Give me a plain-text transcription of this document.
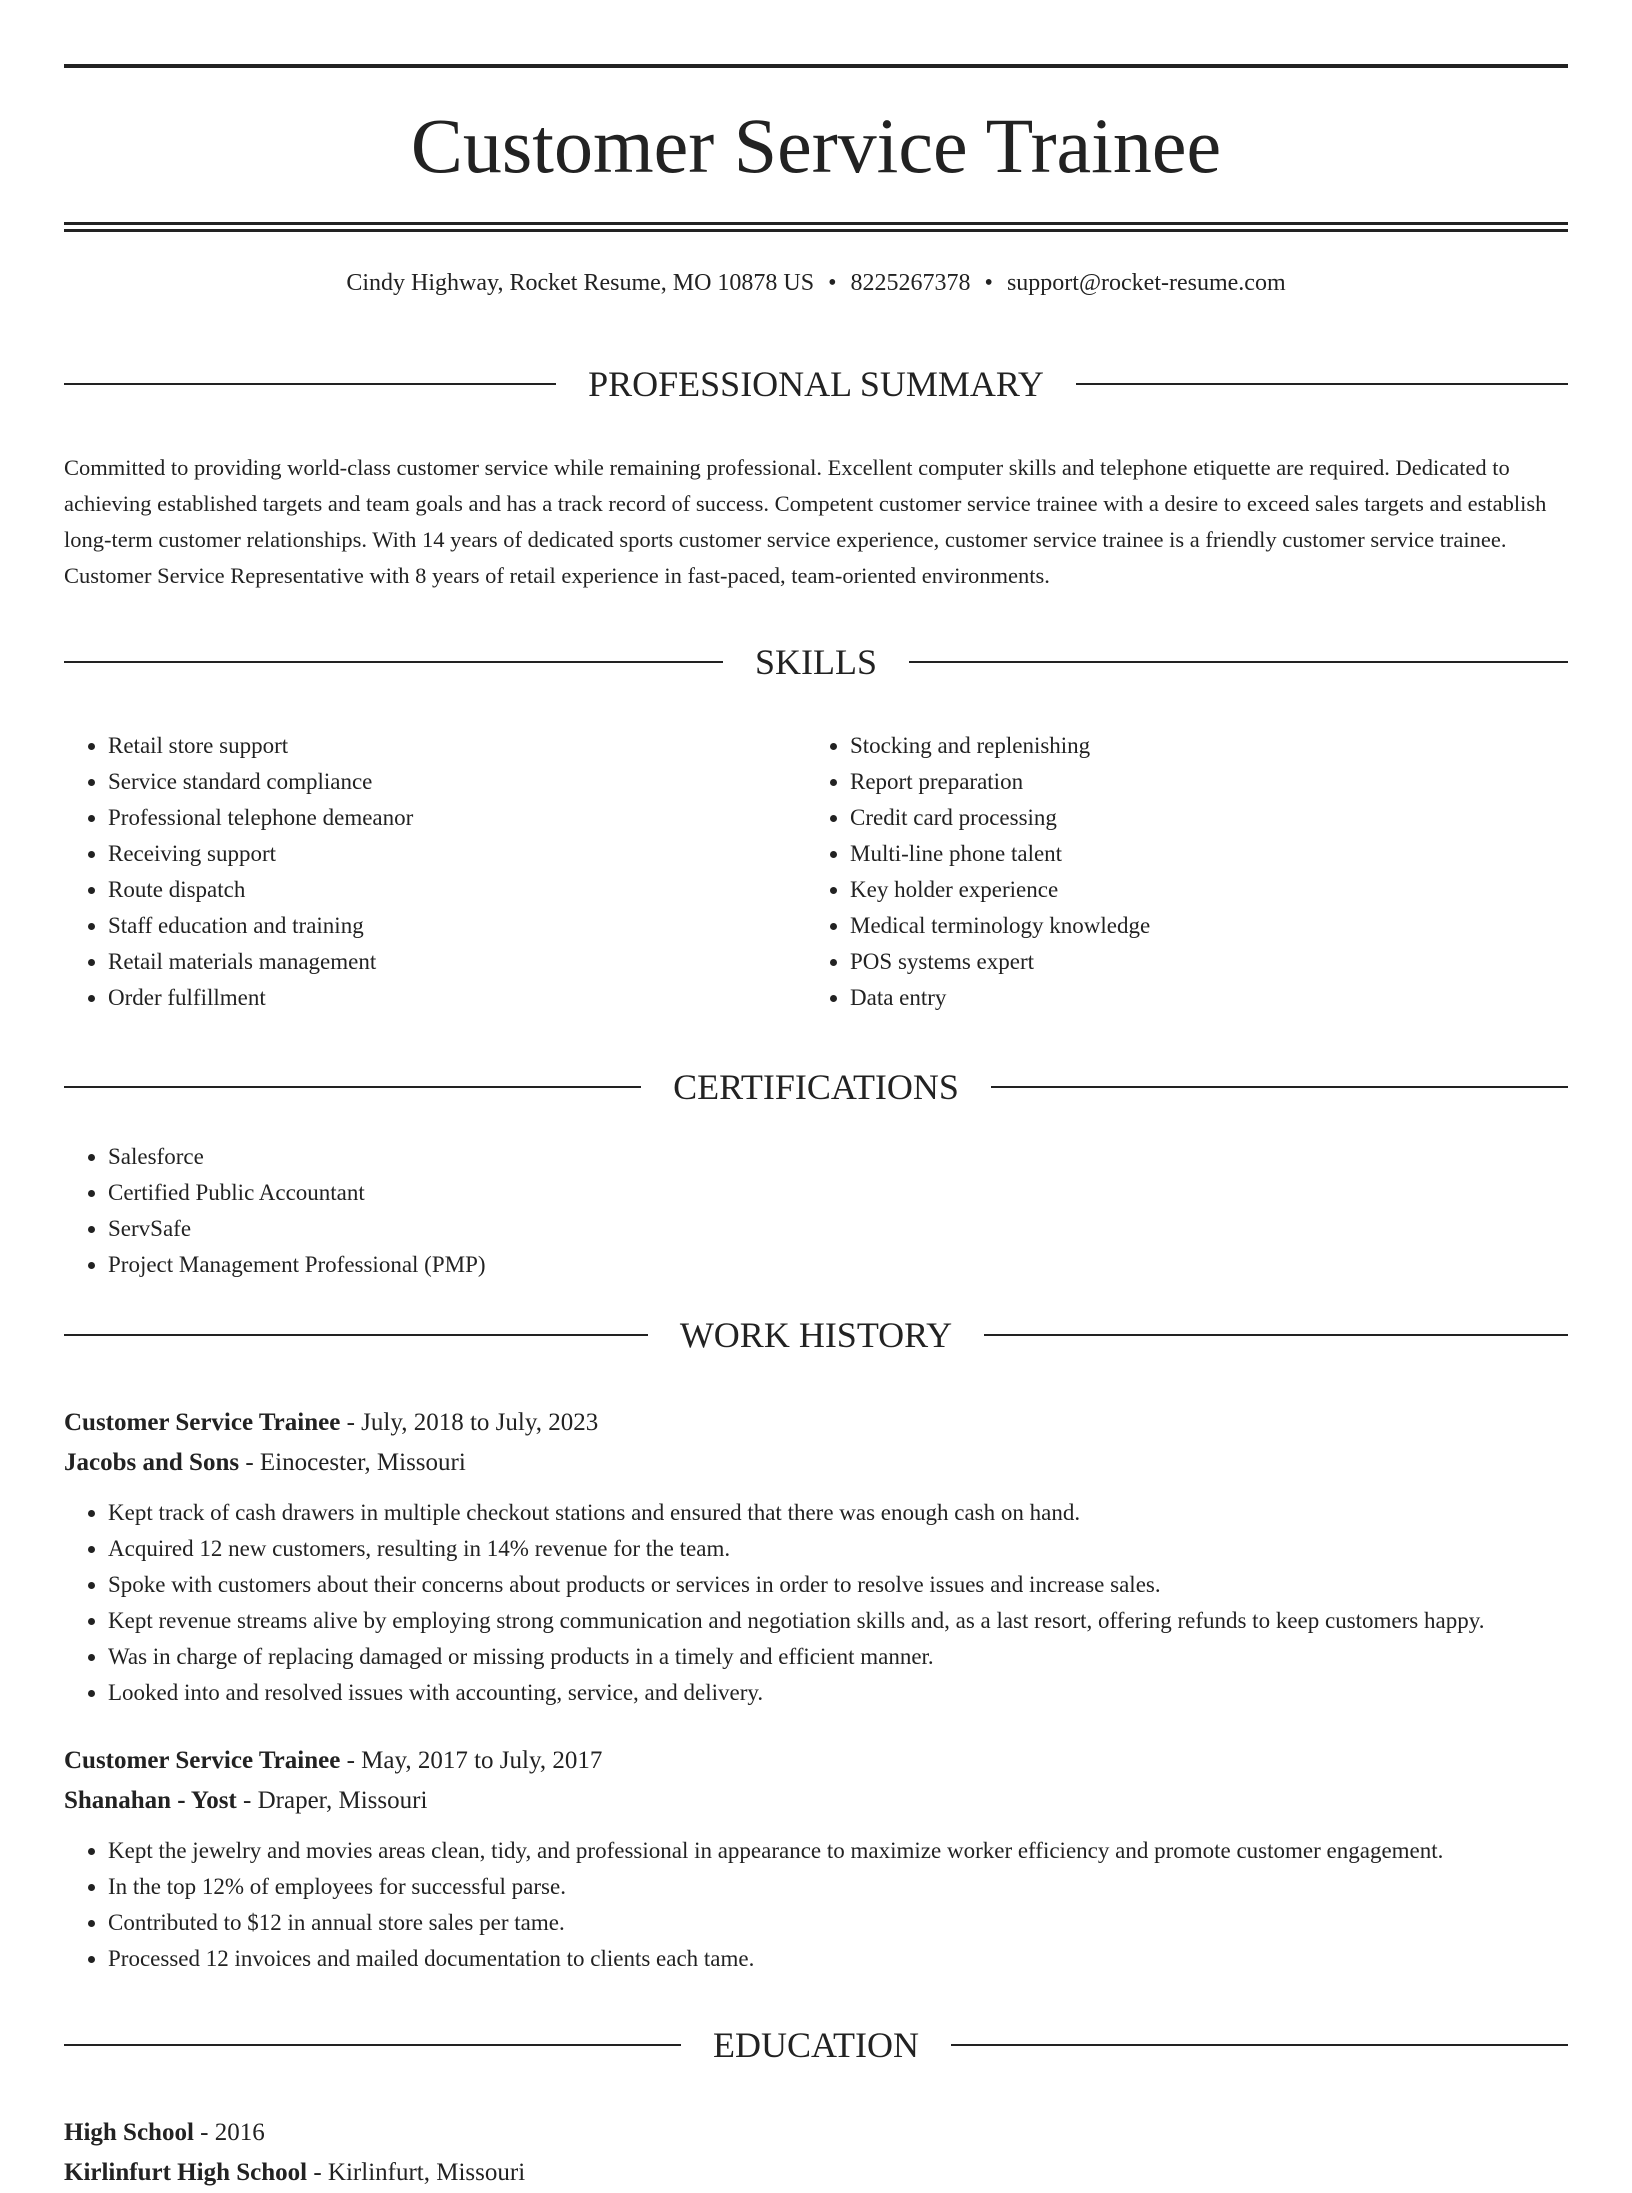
Customer Service Trainee
Cindy Highway, Rocket Resume, MO 10878 US • 8225267378 • support@rocket-resume.com
PROFESSIONAL SUMMARY

Committed to providing world-class customer service while remaining professional. Excellent computer skills and telephone etiquette are required. Dedicated to achieving established targets and team goals and has a track record of success. Competent customer service trainee with a desire to exceed sales targets and establish long-term customer relationships. With 14 years of dedicated sports customer service experience, customer service trainee is a friendly customer service trainee. Customer Service Representative with 8 years of retail experience in fast-paced, team-oriented environments.

SKILLS
• Retail store support
• Service standard compliance
• Professional telephone demeanor
• Receiving support
• Route dispatch
• Staff education and training
• Retail materials management
• Order fulfillment
• Stocking and replenishing
• Report preparation
• Credit card processing
• Multi-line phone talent
• Key holder experience
• Medical terminology knowledge
• POS systems expert
• Data entry
CERTIFICATIONS
• Salesforce
• Certified Public Accountant
• ServSafe
• Project Management Professional (PMP)
WORK HISTORY
Customer Service Trainee - July, 2018 to July, 2023
Jacobs and Sons - Einocester, Missouri
• Kept track of cash drawers in multiple checkout stations and ensured that there was enough cash on hand.
• Acquired 12 new customers, resulting in 14% revenue for the team.
• Spoke with customers about their concerns about products or services in order to resolve issues and increase sales.
• Kept revenue streams alive by employing strong communication and negotiation skills and, as a last resort, offering refunds to keep customers happy.
• Was in charge of replacing damaged or missing products in a timely and efficient manner.
• Looked into and resolved issues with accounting, service, and delivery.
Customer Service Trainee - May, 2017 to July, 2017
Shanahan - Yost - Draper, Missouri
• Kept the jewelry and movies areas clean, tidy, and professional in appearance to maximize worker efficiency and promote customer engagement.
• In the top 12% of employees for successful parse.
• Contributed to $12 in annual store sales per tame.
• Processed 12 invoices and mailed documentation to clients each tame.
EDUCATION
High School - 2016
Kirlinfurt High School - Kirlinfurt, Missouri
